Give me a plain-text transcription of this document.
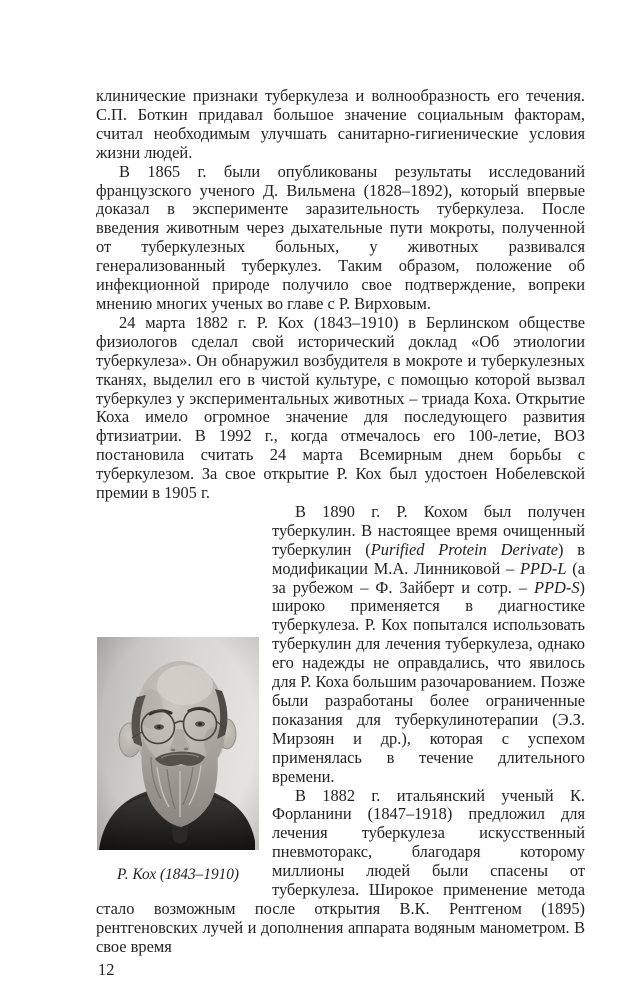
клинические признаки туберкулеза и волнообразность его течения. С.П. Боткин придавал большое значение социальным факторам, считал необходимым улучшать санитарно-гигиенические условия жизни людей.

В 1865 г. были опубликованы результаты исследований французского ученого Д. Вильмена (1828–1892), который впервые доказал в эксперименте заразительность туберкулеза. После введения животным через дыхательные пути мокроты, полученной от туберкулезных больных, у животных развивался генерализованный туберкулез. Таким образом, положение об инфекционной природе получило свое подтверждение, вопреки мнению многих ученых во главе с Р. Вирховым.

24 марта 1882 г. Р. Кох (1843–1910) в Берлинском обществе физиологов сделал свой исторический доклад «Об этиологии туберкулеза». Он обнаружил возбудителя в мокроте и туберкулезных тканях, выделил его в чистой культуре, с помощью которой вызвал туберкулез у экспериментальных животных – триада Коха. Открытие Коха имело огромное значение для последующего развития фтизиатрии. В 1992 г., когда отмечалось его 100-летие, ВОЗ постановила считать 24 марта Всемирным днем борьбы с туберкулезом. За свое открытие Р. Кох был удостоен Нобелевской премии в 1905 г.

Р. Кох (1843–1910)

В 1890 г. Р. Кохом был получен туберкулин. В настоящее время очищенный туберкулин (Purified Protein Derivate) в модификации М.А. Линниковой – PPD-L (а за рубежом – Ф. Зайберт и сотр. – PPD-S) широко применяется в диагностике туберкулеза. Р. Кох попытался использовать туберкулин для лечения туберкулеза, однако его надежды не оправдались, что явилось для Р. Коха большим разочарованием. Позже были разработаны более ограниченные показания для туберкулинотерапии (Э.З. Мирзоян и др.), которая с успехом применялась в течение длительного времени.

В 1882 г. итальянский ученый К. Форланини (1847–1918) предложил для лечения туберкулеза искусственный пневмоторакс, благодаря которому миллионы людей были спасены от туберкулеза. Широкое применение метода стало возможным после открытия В.К. Рентгеном (1895) рентгеновских лучей и дополнения аппарата водяным манометром. В свое время

12
